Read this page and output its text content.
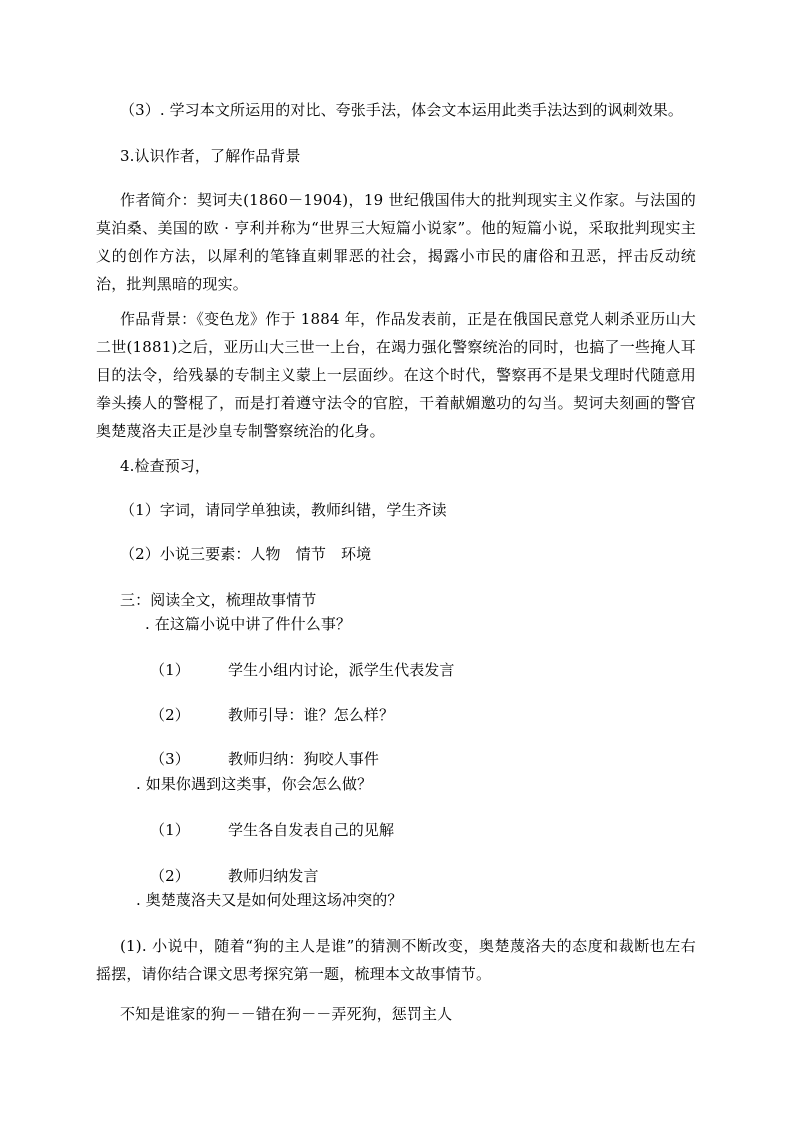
（3）. 学习本文所运用的对比、夸张手法，体会文本运用此类手法达到的讽刺效果。
3.认识作者，了解作品背景
作者简介：契诃夫(1860－1904)，19 世纪俄国伟大的批判现实主义作家。与法国的莫泊桑、美国的欧 · 亨利并称为“世界三大短篇小说家”。他的短篇小说，采取批判现实主义的创作方法，以犀利的笔锋直刺罪恶的社会，揭露小市民的庸俗和丑恶，抨击反动统治，批判黑暗的现实。
作品背景：《变色龙》作于 1884 年，作品发表前，正是在俄国民意党人刺杀亚历山大二世(1881)之后，亚历山大三世一上台，在竭力强化警察统治的同时，也搞了一些掩人耳目的法令，给残暴的专制主义蒙上一层面纱。在这个时代，警察再不是果戈理时代随意用拳头揍人的警棍了，而是打着遵守法令的官腔，干着献媚邀功的勾当。契诃夫刻画的警官奥楚蔑洛夫正是沙皇专制警察统治的化身。
4.检查预习，
（1）字词，请同学单独读，教师纠错，学生齐读
（2）小说三要素：人物　情节　环境
三：阅读全文，梳理故事情节
. 在这篇小说中讲了件什么事？
（1）	学生小组内讨论，派学生代表发言
（2）	教师引导：谁？怎么样？
（3）	教师归纳：狗咬人事件
. 如果你遇到这类事，你会怎么做？
（1）	学生各自发表自己的见解
（2）	教师归纳发言
. 奥楚蔑洛夫又是如何处理这场冲突的？
(1). 小说中，随着“狗的主人是谁”的猜测不断改变，奥楚蔑洛夫的态度和裁断也左右摇摆，请你结合课文思考探究第一题，梳理本文故事情节。
不知是谁家的狗－－错在狗－－弄死狗，惩罚主人
